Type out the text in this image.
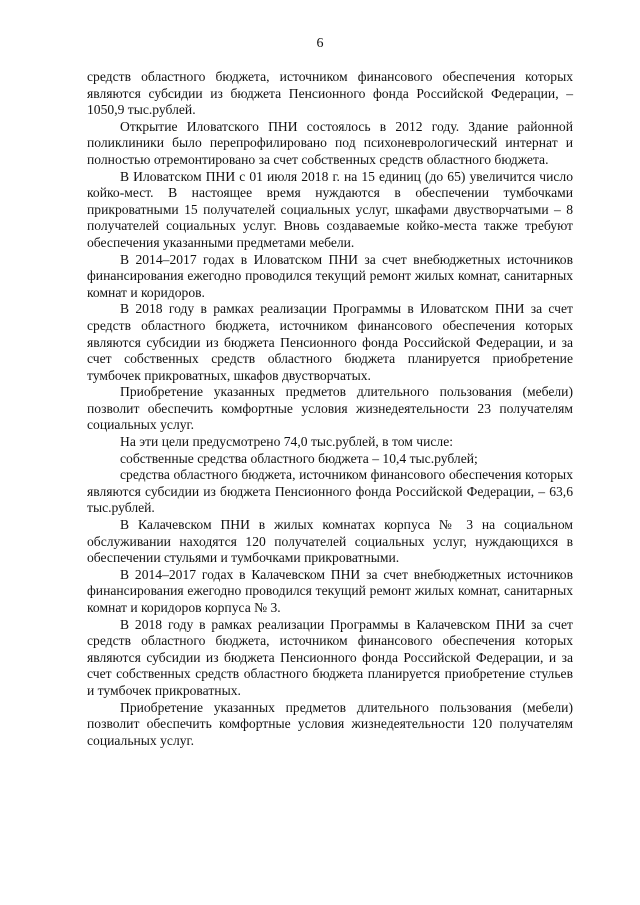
6

средств областного бюджета, источником финансового обеспечения которых являются субсидии из бюджета Пенсионного фонда Российской Федерации, – 1050,9 тыс.рублей.

Открытие Иловатского ПНИ состоялось в 2012 году. Здание районной поликлиники было перепрофилировано под психоневрологический интернат и полностью отремонтировано за счет собственных средств областного бюджета.

В Иловатском ПНИ с 01 июля 2018 г. на 15 единиц (до 65) увеличится число койко-мест. В настоящее время нуждаются в обеспечении тумбочками прикроватными 15 получателей социальных услуг, шкафами двустворчатыми – 8 получателей социальных услуг. Вновь создаваемые койко-места также требуют обеспечения указанными предметами мебели.

В 2014–2017 годах в Иловатском ПНИ за счет внебюджетных источников финансирования ежегодно проводился текущий ремонт жилых комнат, санитарных комнат и коридоров.

В 2018 году в рамках реализации Программы в Иловатском ПНИ за счет средств областного бюджета, источником финансового обеспечения которых являются субсидии из бюджета Пенсионного фонда Российской Федерации, и за счет собственных средств областного бюджета планируется приобретение тумбочек прикроватных, шкафов двустворчатых.

Приобретение указанных предметов длительного пользования (мебели) позволит обеспечить комфортные условия жизнедеятельности 23 получателям социальных услуг.

На эти цели предусмотрено 74,0 тыс.рублей, в том числе:

собственные средства областного бюджета – 10,4 тыс.рублей;

средства областного бюджета, источником финансового обеспечения которых являются субсидии из бюджета Пенсионного фонда Российской Федерации, – 63,6 тыс.рублей.

В Калачевском ПНИ в жилых комнатах корпуса № 3 на социальном обслуживании находятся 120 получателей социальных услуг, нуждающихся в обеспечении стульями и тумбочками прикроватными.

В 2014–2017 годах в Калачевском ПНИ за счет внебюджетных источников финансирования ежегодно проводился текущий ремонт жилых комнат, санитарных комнат и коридоров корпуса № 3.

В 2018 году в рамках реализации Программы в Калачевском ПНИ за счет средств областного бюджета, источником финансового обеспечения которых являются субсидии из бюджета Пенсионного фонда Российской Федерации, и за счет собственных средств областного бюджета планируется приобретение стульев и тумбочек прикроватных.

Приобретение указанных предметов длительного пользования (мебели) позволит обеспечить комфортные условия жизнедеятельности 120 получателям социальных услуг.
